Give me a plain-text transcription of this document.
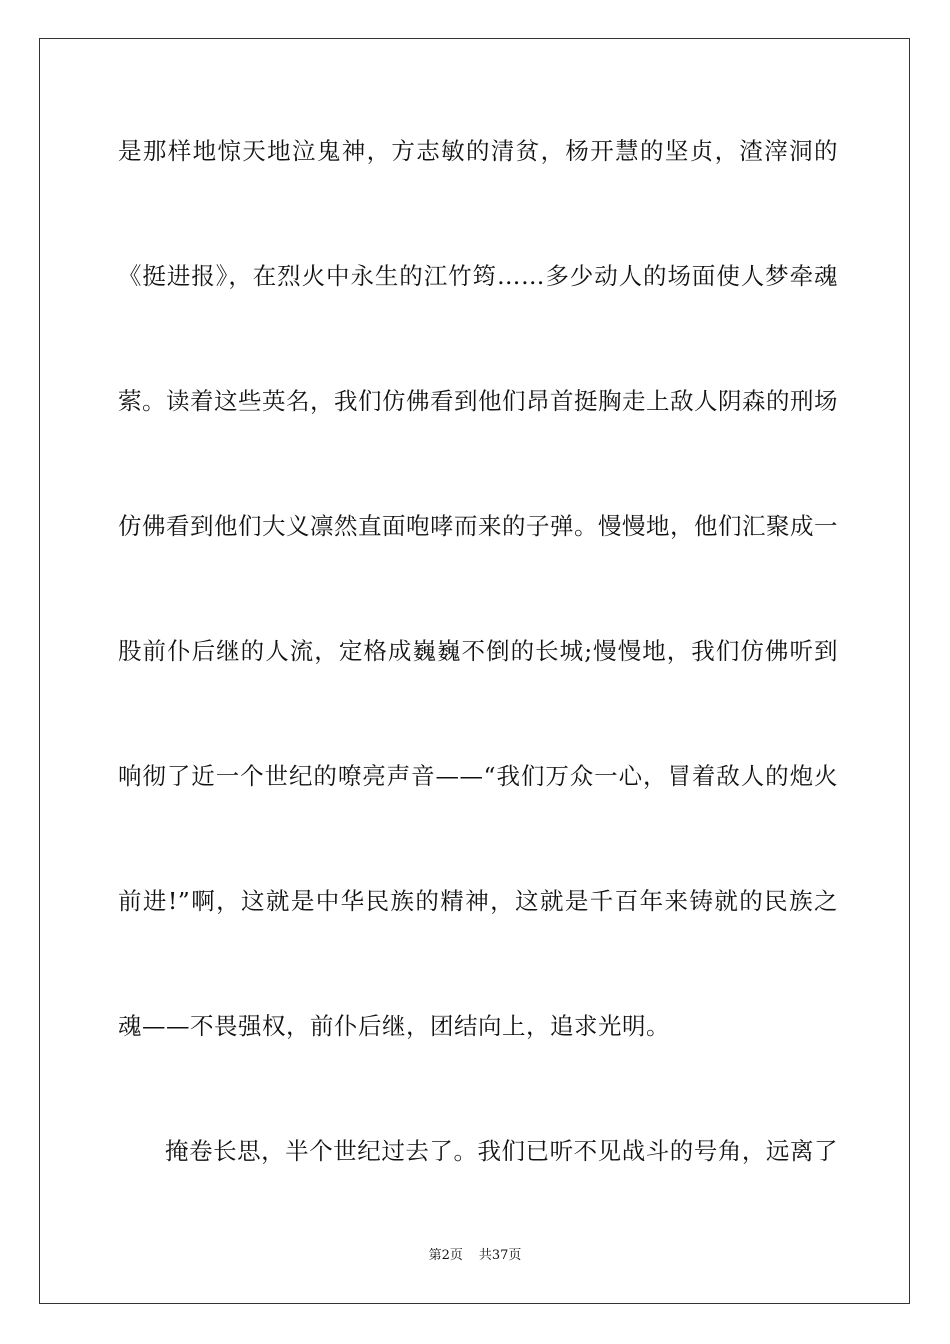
是那样地惊天地泣鬼神，方志敏的清贫，杨开慧的坚贞，渣滓洞的
《挺进报》，在烈火中永生的江竹筠……多少动人的场面使人梦牵魂
萦。读着这些英名，我们仿佛看到他们昂首挺胸走上敌人阴森的刑场
仿佛看到他们大义凛然直面咆哮而来的子弹。慢慢地，他们汇聚成一
股前仆后继的人流，定格成巍巍不倒的长城;慢慢地，我们仿佛听到
响彻了近一个世纪的嘹亮声音——“我们万众一心，冒着敌人的炮火
前进!”啊，这就是中华民族的精神，这就是千百年来铸就的民族之
魂——不畏强权，前仆后继，团结向上，追求光明。
掩卷长思，半个世纪过去了。我们已听不见战斗的号角，远离了
第2页 共37页
